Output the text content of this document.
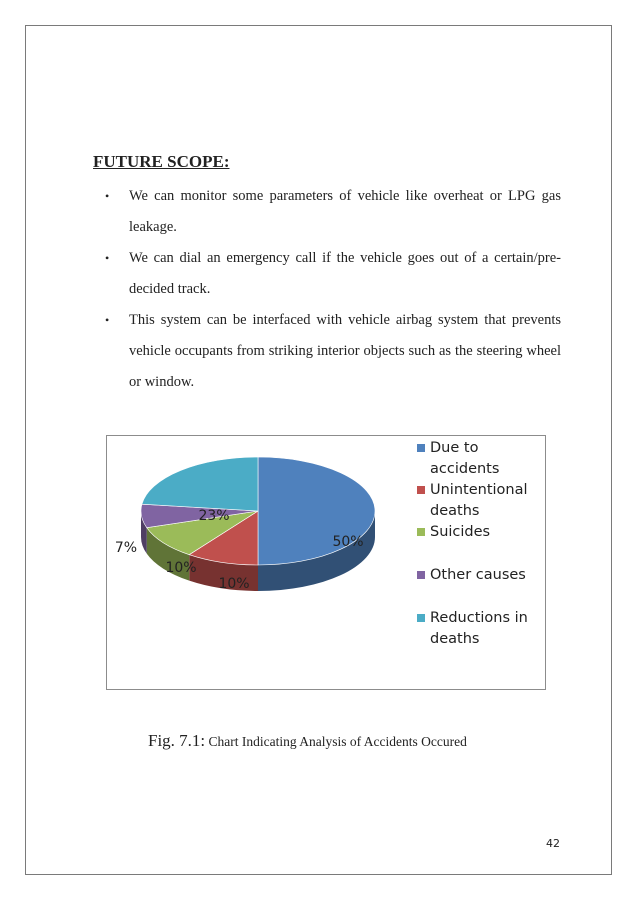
FUTURE SCOPE:
• We can monitor some parameters of vehicle like overheat or LPG gas leakage.
• We can dial an emergency call if the vehicle goes out of a certain/pre-decided track.
• This system can be interfaced with vehicle airbag system that prevents vehicle occupants from striking interior objects such as the steering wheel or window.
50%
10%
10%
7%
23%
Due to accidents
Unintentional deaths
Suicides
Other causes
Reductions in deaths
Fig. 7.1: Chart Indicating Analysis of Accidents Occured
42
